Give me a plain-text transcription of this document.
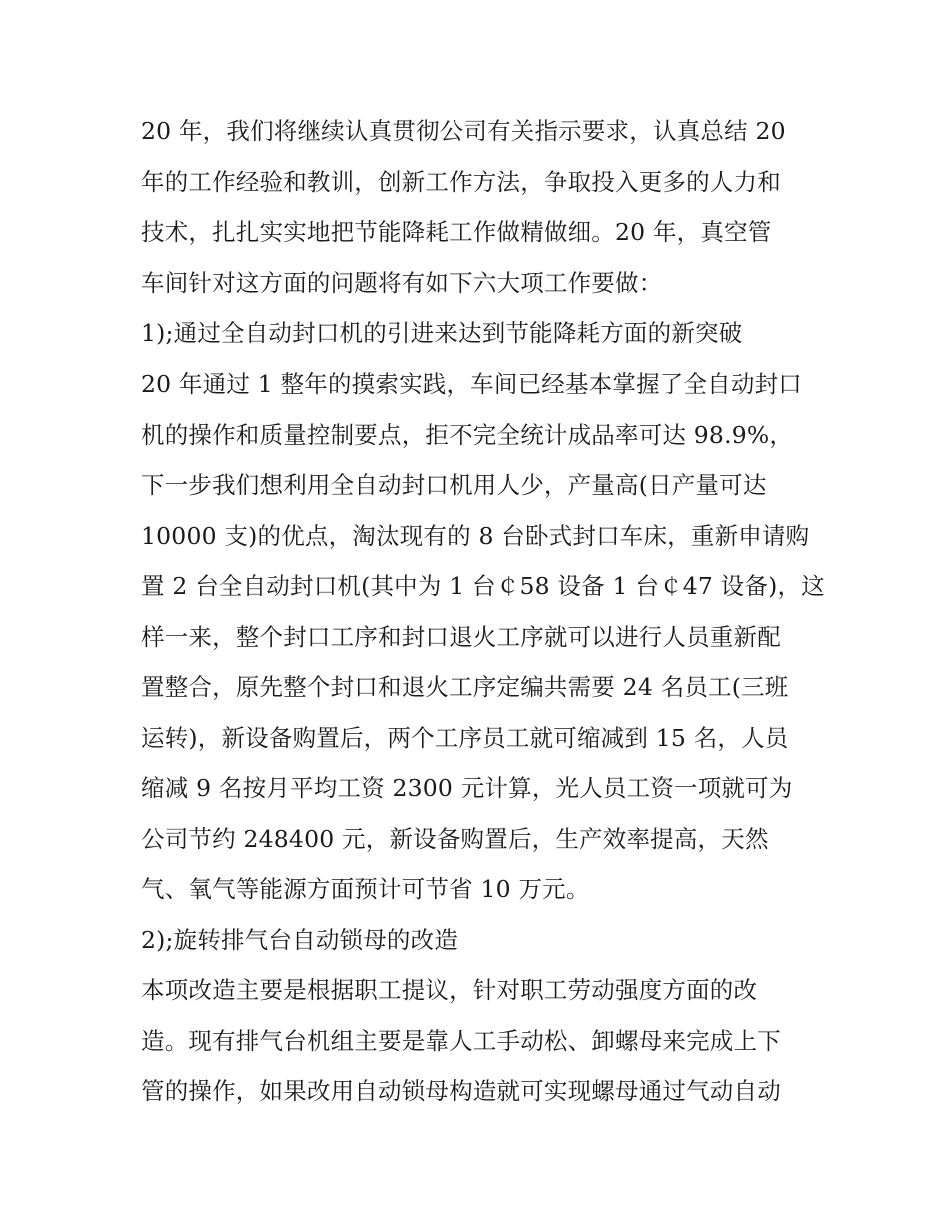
20 年，我们将继续认真贯彻公司有关指示要求，认真总结 20
年的工作经验和教训，创新工作方法，争取投入更多的人力和
技术，扎扎实实地把节能降耗工作做精做细。20 年，真空管
车间针对这方面的问题将有如下六大项工作要做：
1);通过全自动封口机的引进来达到节能降耗方面的新突破
20 年通过 1 整年的摸索实践，车间已经基本掌握了全自动封口
机的操作和质量控制要点，拒不完全统计成品率可达 98.9%，
下一步我们想利用全自动封口机用人少，产量高(日产量可达
10000 支)的优点，淘汰现有的 8 台卧式封口车床，重新申请购
置 2 台全自动封口机(其中为 1 台￠58 设备 1 台￠47 设备)，这
样一来，整个封口工序和封口退火工序就可以进行人员重新配
置整合，原先整个封口和退火工序定编共需要 24 名员工(三班
运转)，新设备购置后，两个工序员工就可缩减到 15 名，人员
缩减 9 名按月平均工资 2300 元计算，光人员工资一项就可为
公司节约 248400 元，新设备购置后，生产效率提高，天然
气、氧气等能源方面预计可节省 10 万元。
2);旋转排气台自动锁母的改造
本项改造主要是根据职工提议，针对职工劳动强度方面的改
造。现有排气台机组主要是靠人工手动松、卸螺母来完成上下
管的操作，如果改用自动锁母构造就可实现螺母通过气动自动
